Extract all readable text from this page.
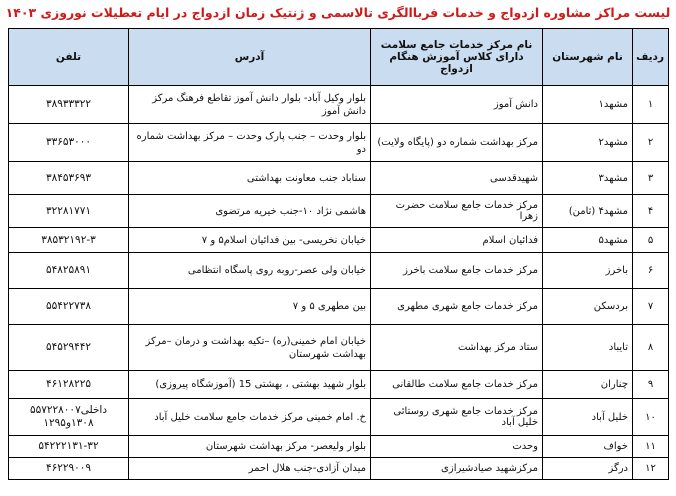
لیست مراکز مشاوره ازدواج و خدمات فرباالگری تالاسمی و ژنتیک زمان ازدواج در ایام تعطیلات نوروزی ۱۴۰۳
ردیف	نام شهرستان	نام مرکز خدمات جامع سلامت دارای کلاس آموزش هنگام ازدواج	آدرس	تلفن
۱	مشهد۱	دانش آموز	بلوار وکیل آباد- بلوار دانش آموز تقاطع فرهنگ مرکز دانش آموز	۳۸۹۳۳۳۲۲
۲	مشهد۲	مرکز بهداشت شماره دو (پایگاه ولایت)	بلوار وحدت – جنب پارک وحدت – مرکز بهداشت شماره دو	۳۳۶۵۳۰۰۰
۳	مشهد۳	شهیدقدسی	سناباد جنب معاونت بهداشتی	۳۸۴۵۳۶۹۳
۴	مشهد۴ (ثامن)	مرکز خدمات جامع سلامت حضرت زهرا	هاشمی نژاد ۱۰-جنب خیریه مرتضوی	۳۲۲۸۱۷۷۱
۵	مشهد۵	فدائیان اسلام	خیابان نخریسی- بین فدائیان اسلام۵ و ۷	۳۸۵۳۲۱۹۲-۳
۶	باخرز	مرکز خدمات جامع سلامت باخرز	خیابان ولی عصر-روبه روی پاسگاه انتظامی	۵۴۸۲۵۸۹۱
۷	بردسکن	مرکز خدمات جامع شهری مطهری	بین مطهری ۵ و ۷	۵۵۴۲۲۷۳۸
۸	تایباد	ستاد مرکز بهداشت	خیابان امام خمینی(ره) –تکیه بهداشت و درمان –مرکز بهداشت شهرستان	۵۴۵۲۹۴۴۲
۹	چناران	مرکز خدمات جامع سلامت طالقانی	بلوار شهید بهشتی ، بهشتی 15 (آموزشگاه پیروزی)	۴۶۱۲۸۲۲۵
۱۰	خلیل آباد	مرکز خدمات جامع شهری روستائی خلیل آباد	خ. امام خمینی مرکز خدمات جامع سلامت خلیل آباد	۵۵۷۲۲۸۰۰۷داخلی ۱۳۰۸و۱۲۹۵
۱۱	خواف	وحدت	بلوار ولیعصر- مرکز بهداشت شهرستان	۵۴۲۲۲۱۳۱-۳۲
۱۲	درگز	مرکزشهید صیادشیرازی	میدان آزادی-جنب هلال احمر	۴۶۲۲۹۰۰۹
